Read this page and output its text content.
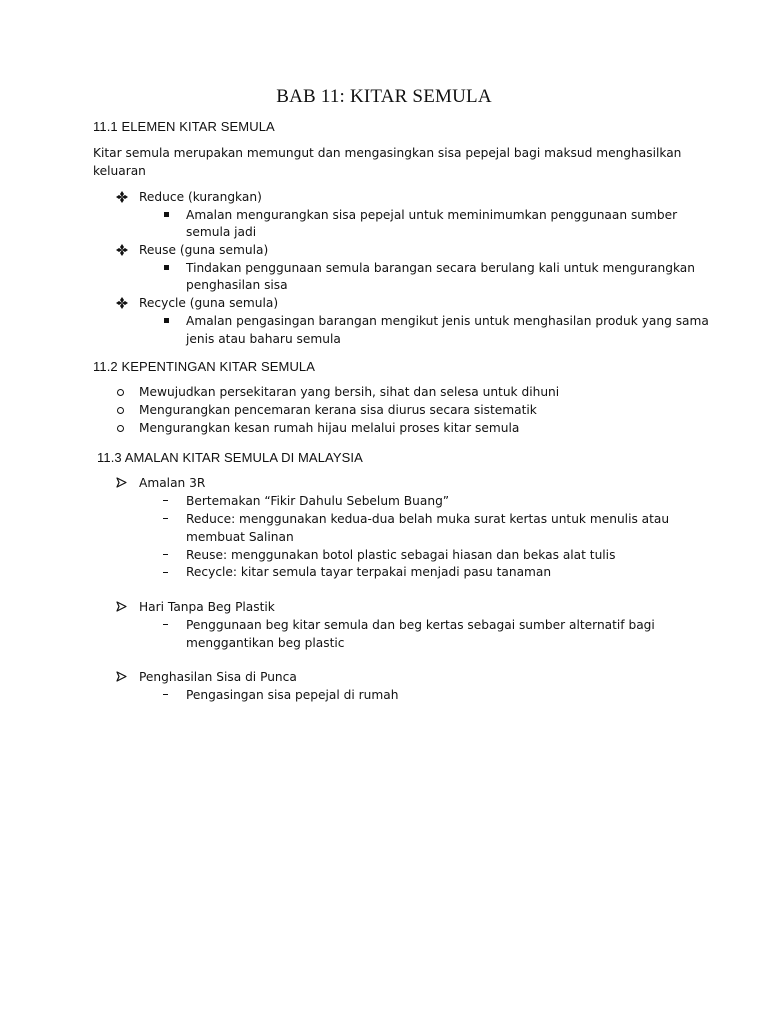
BAB 11: KITAR SEMULA
11.1 ELEMEN KITAR SEMULA
Kitar semula merupakan memungut dan mengasingkan sisa pepejal bagi maksud menghasilkan
keluaran
Reduce (kurangkan)
Amalan mengurangkan sisa pepejal untuk meminimumkan penggunaan sumber
semula jadi
Reuse (guna semula)
Tindakan penggunaan semula barangan secara berulang kali untuk mengurangkan
penghasilan sisa
Recycle (guna semula)
Amalan pengasingan barangan mengikut jenis untuk menghasilan produk yang sama
jenis atau baharu semula
11.2 KEPENTINGAN KITAR SEMULA
Mewujudkan persekitaran yang bersih, sihat dan selesa untuk dihuni
Mengurangkan pencemaran kerana sisa diurus secara sistematik
Mengurangkan kesan rumah hijau melalui proses kitar semula
11.3 AMALAN KITAR SEMULA DI MALAYSIA
Amalan 3R
Bertemakan “Fikir Dahulu Sebelum Buang”
Reduce: menggunakan kedua-dua belah muka surat kertas untuk menulis atau
membuat Salinan
Reuse: menggunakan botol plastic sebagai hiasan dan bekas alat tulis
Recycle: kitar semula tayar terpakai menjadi pasu tanaman
Hari Tanpa Beg Plastik
Penggunaan beg kitar semula dan beg kertas sebagai sumber alternatif bagi
menggantikan beg plastic
Penghasilan Sisa di Punca
Pengasingan sisa pepejal di rumah
